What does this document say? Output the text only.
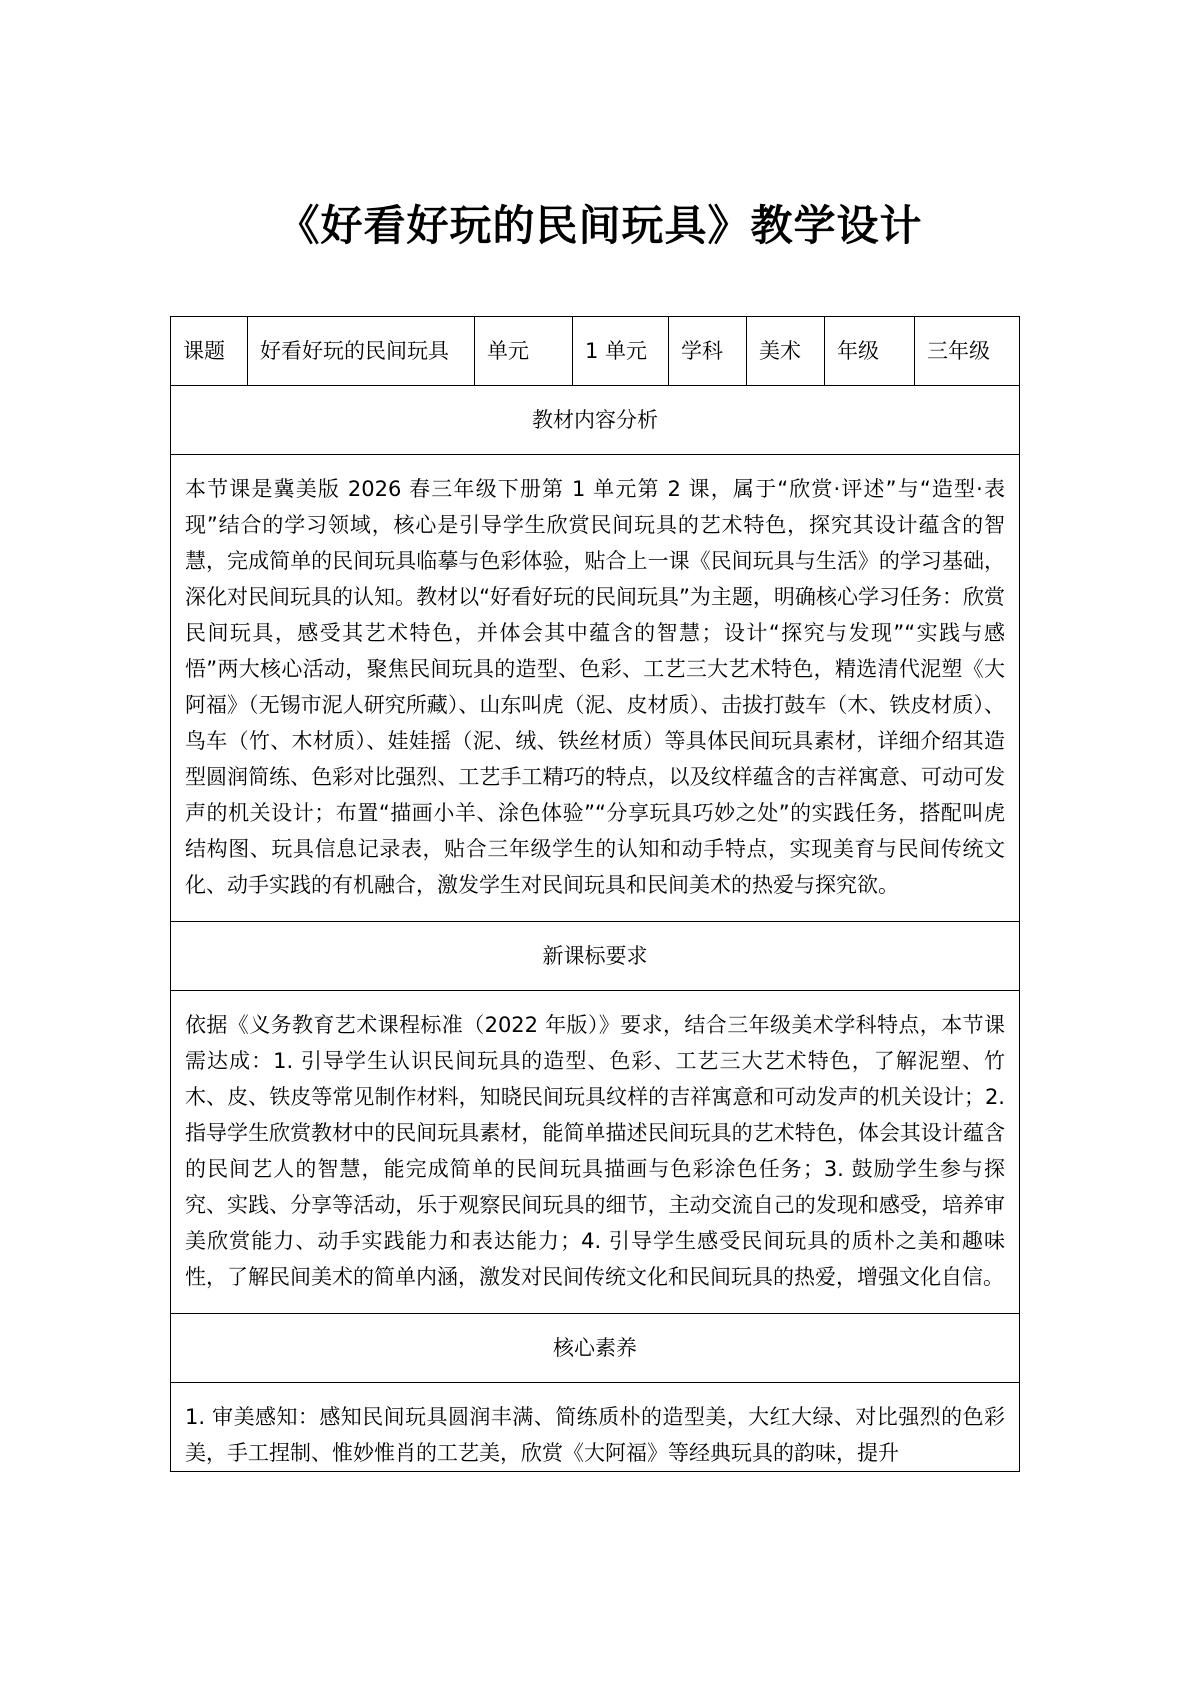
《好看好玩的民间玩具》教学设计
课题	好看好玩的民间玩具	单元	1 单元	学科	美术	年级	三年级
教材内容分析
本节课是冀美版 2026 春三年级下册第 1 单元第 2 课，属于“欣赏·评述”与“造型·表现”结合的学习领域，核心是引导学生欣赏民间玩具的艺术特色，探究其设计蕴含的智慧，完成简单的民间玩具临摹与色彩体验，贴合上一课《民间玩具与生活》的学习基础，深化对民间玩具的认知。教材以“好看好玩的民间玩具”为主题，明确核心学习任务：欣赏民间玩具，感受其艺术特色，并体会其中蕴含的智慧；设计“探究与发现”“实践与感悟”两大核心活动，聚焦民间玩具的造型、色彩、工艺三大艺术特色，精选清代泥塑《大阿福》（无锡市泥人研究所藏）、山东叫虎（泥、皮材质）、击拔打鼓车（木、铁皮材质）、鸟车（竹、木材质）、娃娃摇（泥、绒、铁丝材质）等具体民间玩具素材，详细介绍其造型圆润简练、色彩对比强烈、工艺手工精巧的特点，以及纹样蕴含的吉祥寓意、可动可发声的机关设计；布置“描画小羊、涂色体验”“分享玩具巧妙之处”的实践任务，搭配叫虎结构图、玩具信息记录表，贴合三年级学生的认知和动手特点，实现美育与民间传统文化、动手实践的有机融合，激发学生对民间玩具和民间美术的热爱与探究欲。
新课标要求
依据《义务教育艺术课程标准（2022 年版）》要求，结合三年级美术学科特点，本节课需达成：1. 引导学生认识民间玩具的造型、色彩、工艺三大艺术特色，了解泥塑、竹木、皮、铁皮等常见制作材料，知晓民间玩具纹样的吉祥寓意和可动发声的机关设计；2. 指导学生欣赏教材中的民间玩具素材，能简单描述民间玩具的艺术特色，体会其设计蕴含的民间艺人的智慧，能完成简单的民间玩具描画与色彩涂色任务；3. 鼓励学生参与探究、实践、分享等活动，乐于观察民间玩具的细节，主动交流自己的发现和感受，培养审美欣赏能力、动手实践能力和表达能力；4. 引导学生感受民间玩具的质朴之美和趣味性，了解民间美术的简单内涵，激发对民间传统文化和民间玩具的热爱，增强文化自信。
核心素养
1. 审美感知：感知民间玩具圆润丰满、简练质朴的造型美，大红大绿、对比强烈的色彩美，手工捏制、惟妙惟肖的工艺美，欣赏《大阿福》等经典玩具的韵味，提升
